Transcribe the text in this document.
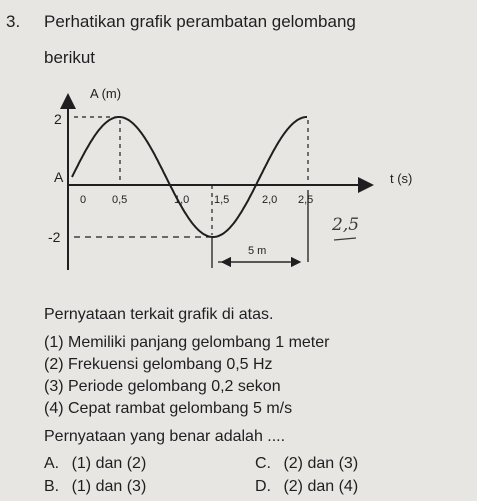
3. Perhatikan grafik perambatan gelombang
berikut
A (m)
t (s)
2
A
-2
0 0,5	1,0 1,5	2,0 2,5
5 m
2,5
Pernyataan terkait grafik di atas.
(1) Memiliki panjang gelombang 1 meter
(2) Frekuensi gelombang 0,5 Hz
(3) Periode gelombang 0,2 sekon
(4) Cepat rambat gelombang 5 m/s
Pernyataan yang benar adalah ....
A. (1) dan (2)
B. (1) dan (3)
C. (2) dan (3)
D. (2) dan (4)
